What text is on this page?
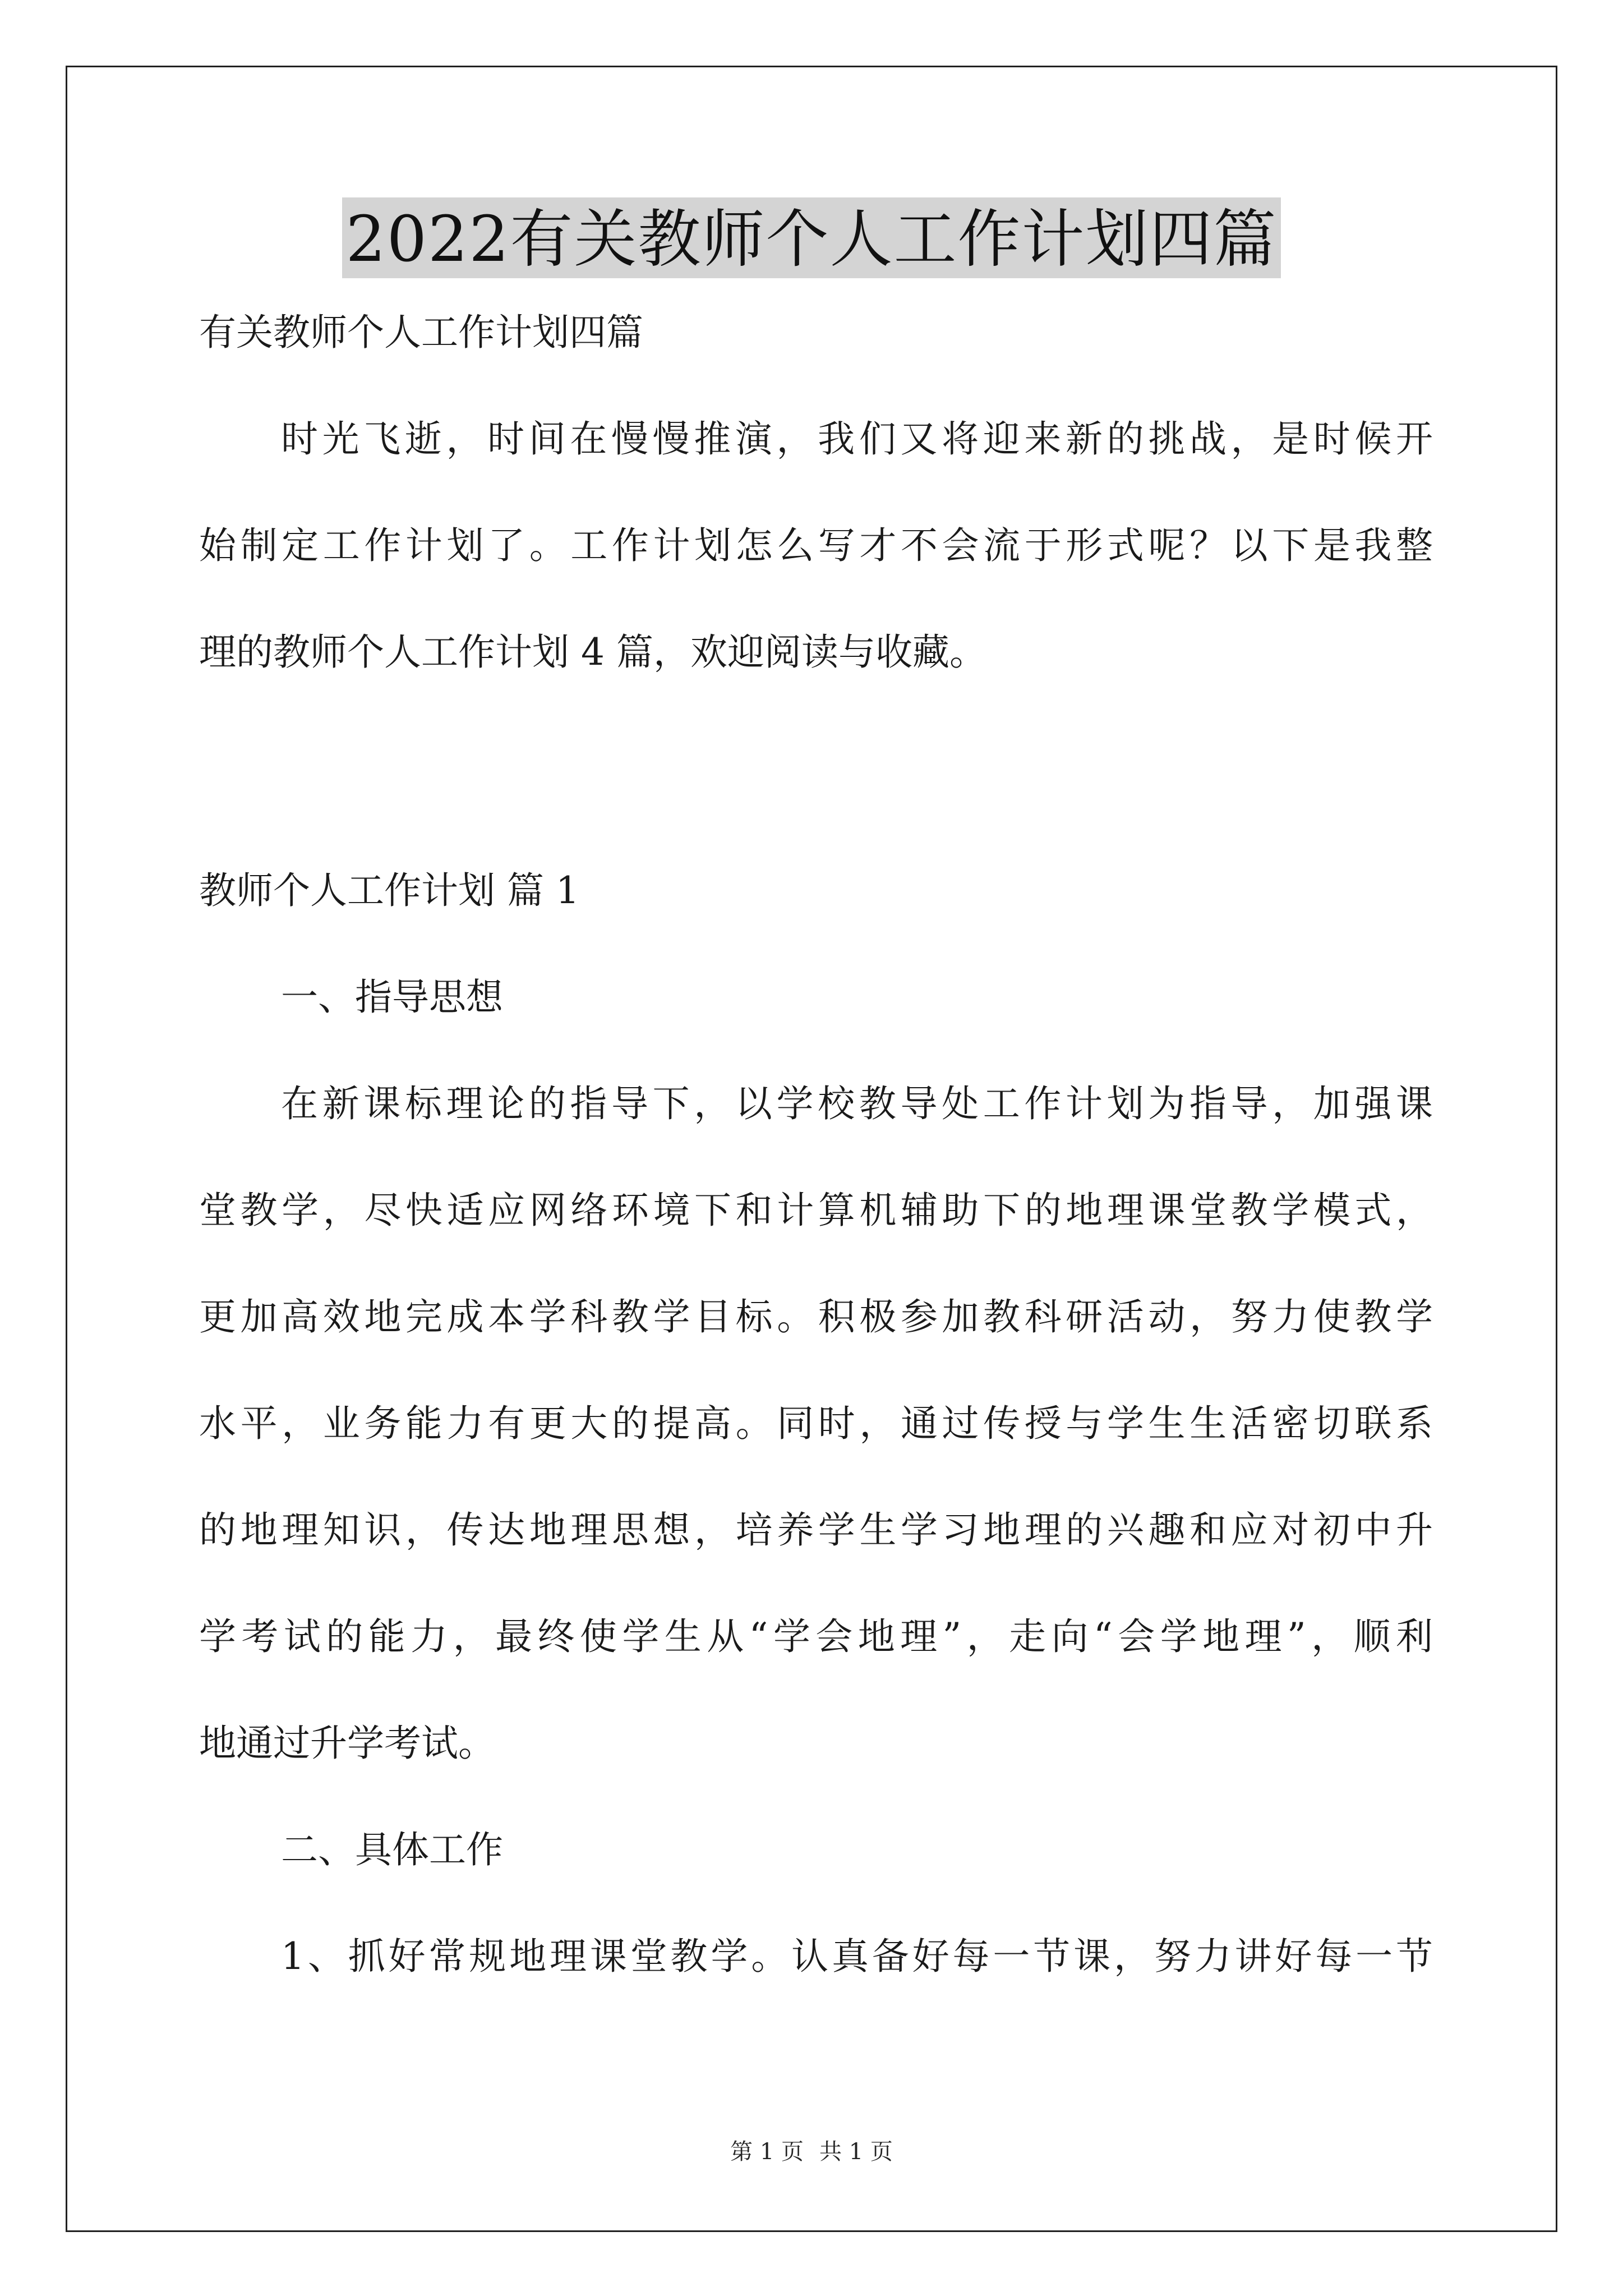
2022有关教师个人工作计划四篇
有关教师个人工作计划四篇
时光飞逝，时间在慢慢推演，我们又将迎来新的挑战，是时候开
始制定工作计划了。工作计划怎么写才不会流于形式呢？以下是我整
理的教师个人工作计划 4 篇，欢迎阅读与收藏。
教师个人工作计划 篇 1
一、指导思想
在新课标理论的指导下，以学校教导处工作计划为指导，加强课
堂教学，尽快适应网络环境下和计算机辅助下的地理课堂教学模式，
更加高效地完成本学科教学目标。积极参加教科研活动，努力使教学
水平，业务能力有更大的提高。同时，通过传授与学生生活密切联系
的地理知识，传达地理思想，培养学生学习地理的兴趣和应对初中升
学考试的能力，最终使学生从“学会地理”，走向“会学地理”，顺利
地通过升学考试。
二、具体工作
1、抓好常规地理课堂教学。认真备好每一节课，努力讲好每一节
第 1 页 共 1 页
